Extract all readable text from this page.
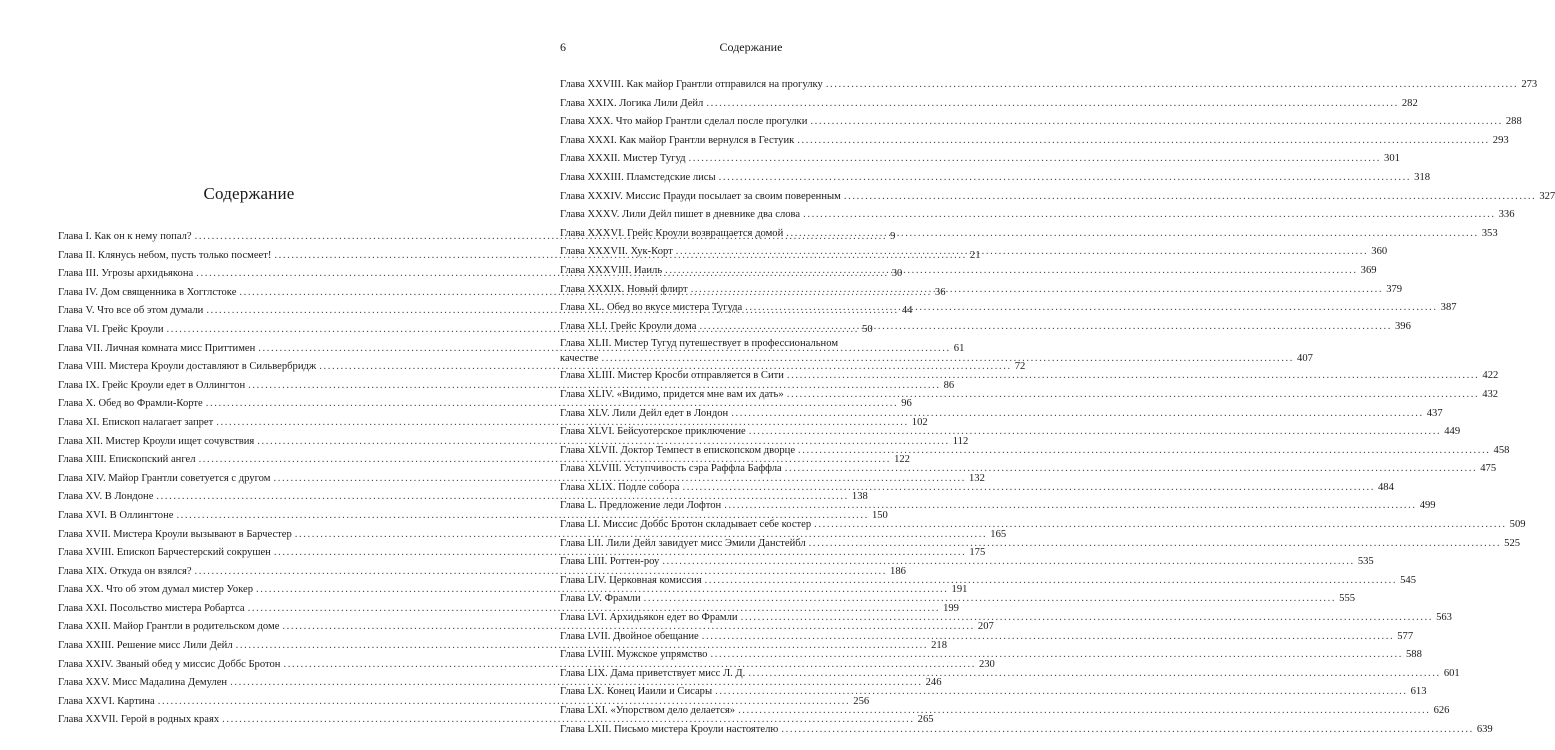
Содержание
Глава I. Как он к нему попал? .....	9
Глава II. Клянусь небом, пусть только посмеет! .....	21
Глава III. Угрозы архидьякона .....	30
Глава IV. Дом священника в Хогглстоке .....	36
Глава V. Что все об этом думали .....	44
Глава VI. Грейс Кроули .....	50
Глава VII. Личная комната мисс Приттимен .....	61
Глава VIII. Мистера Кроули доставляют в Сильвербридж .....	72
Глава IX. Грейс Кроули едет в Оллингтон .....	86
Глава X. Обед во Фрамли-Корте .....	96
Глава XI. Епископ налагает запрет .....	102
Глава XII. Мистер Кроули ищет сочувствия .....	112
Глава XIII. Епископский ангел .....	122
Глава XIV. Майор Грантли советуется с другом .....	132
Глава XV. В Лондоне .....	138
Глава XVI. В Оллингтоне .....	150
Глава XVII. Мистера Кроули вызывают в Барчестер .....	165
Глава XVIII. Епископ Барчестерский сокрушен .....	175
Глава XIX. Откуда он взялся? .....	186
Глава XX. Что об этом думал мистер Уокер .....	191
Глава XXI. Посольство мистера Робартса .....	199
Глава XXII. Майор Грантли в родительском доме .....	207
Глава XXIII. Решение мисс Лили Дейл .....	218
Глава XXIV. Званый обед у миссис Доббс Бротон .....	230
Глава XXV. Мисс Мадалина Демулен .....	246
Глава XXVI. Картина .....	256
Глава XXVII. Герой в родных краях .....	265
6	Содержание
Глава XXVIII. Как майор Грантли отправился на прогулку .....	273
Глава XXIX. Логика Лили Дейл .....	282
Глава XXX. Что майор Грантли сделал после прогулки .....	288
Глава XXXI. Как майор Грантли вернулся в Гестуик .....	293
Глава XXXII. Мистер Тугуд .....	301
Глава XXXIII. Пламстедские лисы .....	318
Глава XXXIV. Миссис Прауди посылает за своим повеpенным .....	327
Глава XXXV. Лили Дейл пишет в дневнике два слова .....	336
Глава XXXVI. Грейс Кроули возвращается домой .....	353
Глава XXXVII. Хук-Корт .....	360
Глава XXXVIII. Иаиль .....	369
Глава XXXIX. Новый флирт .....	379
Глава XL. Обед во вкусе мистера Тугуда .....	387
Глава XLI. Грейс Кроули дома .....	396
Глава XLII. Мистер Тугуд путешествует в профессиональном
качестве .....	407
Глава XLIII. Мистер Кросби отправляется в Сити .....	422
Глава XLIV. «Видимо, придется мне вам их дать» .....	432
Глава XLV. Лили Дейл едет в Лондон .....	437
Глава XLVI. Бейсуотерское приключение .....	449
Глава XLVII. Доктор Темпест в епископском дворце .....	458
Глава XLVIII. Уступчивость сэра Раффла Баффла .....	475
Глава XLIX. Подле собора .....	484
Глава L. Предложение леди Лофтон .....	499
Глава LI. Миссис Доббс Бротон складывает себе костер .....	509
Глава LII. Лили Дейл завидует мисс Эмили Данстейбл .....	525
Глава LIII. Роттен-роу .....	535
Глава LIV. Церковная комиссия .....	545
Глава LV. Фрамли .....	555
Глава LVI. Архидьякон едет во Фрамли .....	563
Глава LVII. Двойное обещание .....	577
Глава LVIII. Мужское упрямство .....	588
Глава LIX. Дама приветствует мисс Л. Д. .....	601
Глава LX. Конец Иаили и Сисары .....	613
Глава LXI. «Упорством дело делается» .....	626
Глава LXII. Письмо мистера Кроули настоятелю .....	639
